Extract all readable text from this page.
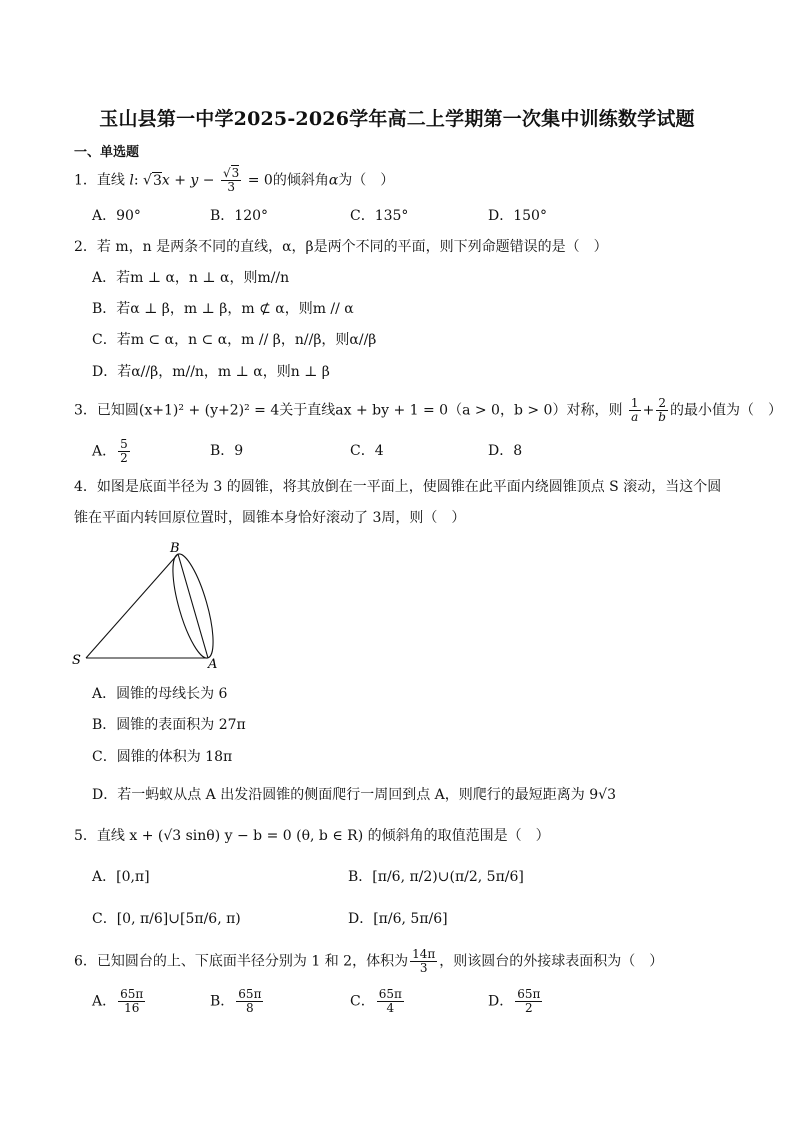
玉山县第一中学2025-2026学年高二上学期第一次集中训练数学试题
一、单选题
1．直线 l: $√3x + y - \frac{√3}{3} = 0$的倾斜角α为（　）
A．90°	B．120°	C．135°	D．150°
2．若 m，n 是两条不同的直线，α，β是两个不同的平面，则下列命题错误的是（　）
A．若m ⊥ α，n ⊥ α，则m//n
B．若α ⊥ β，m ⊥ β，m ⊄ α，则m // α
C．若m ⊂ α，n ⊂ α，m // β，n//β，则α//β
D．若α//β，m//n，m ⊥ α，则n ⊥ β
3．已知圆(x+1)² + (y+2)² = 4关于直线ax + by + 1 = 0（a > 0，b > 0）对称，则 $\frac{1}{a} + \frac{2}{b}$ 的最小值为（　）
A． $\frac{5}{2}$	B．9	C．4	D．8
4．如图是底面半径为 3 的圆锥，将其放倒在一平面上，使圆锥在此平面内绕圆锥顶点 S 滚动，当这个圆锥在平面内转回原位置时，圆锥本身恰好滚动了 3周，则（　）
B
S	A
A．圆锥的母线长为 6
B．圆锥的表面积为 27π
C．圆锥的体积为 18π
D．若一蚂蚁从点 A 出发沿圆锥的侧面爬行一周回到点 A，则爬行的最短距离为 9√3
5．直线 x + (√3 sinθ) y − b = 0 (θ, b ∈ R) 的倾斜角的取值范围是（　）
A．[0,π]	B．[π/6, π/2)∪(π/2, 5π/6]
C．[0, π/6]∪[5π/6, π)	D．[π/6, 5π/6]
6．已知圆台的上、下底面半径分别为 1 和 2，体积为 $\frac{14\pi}{3}$ ，则该圆台的外接球表面积为（　）
A． $\frac{65\pi}{16}$	B． $\frac{65\pi}{8}$	C． $\frac{65\pi}{4}$	D． $\frac{65\pi}{2}$
